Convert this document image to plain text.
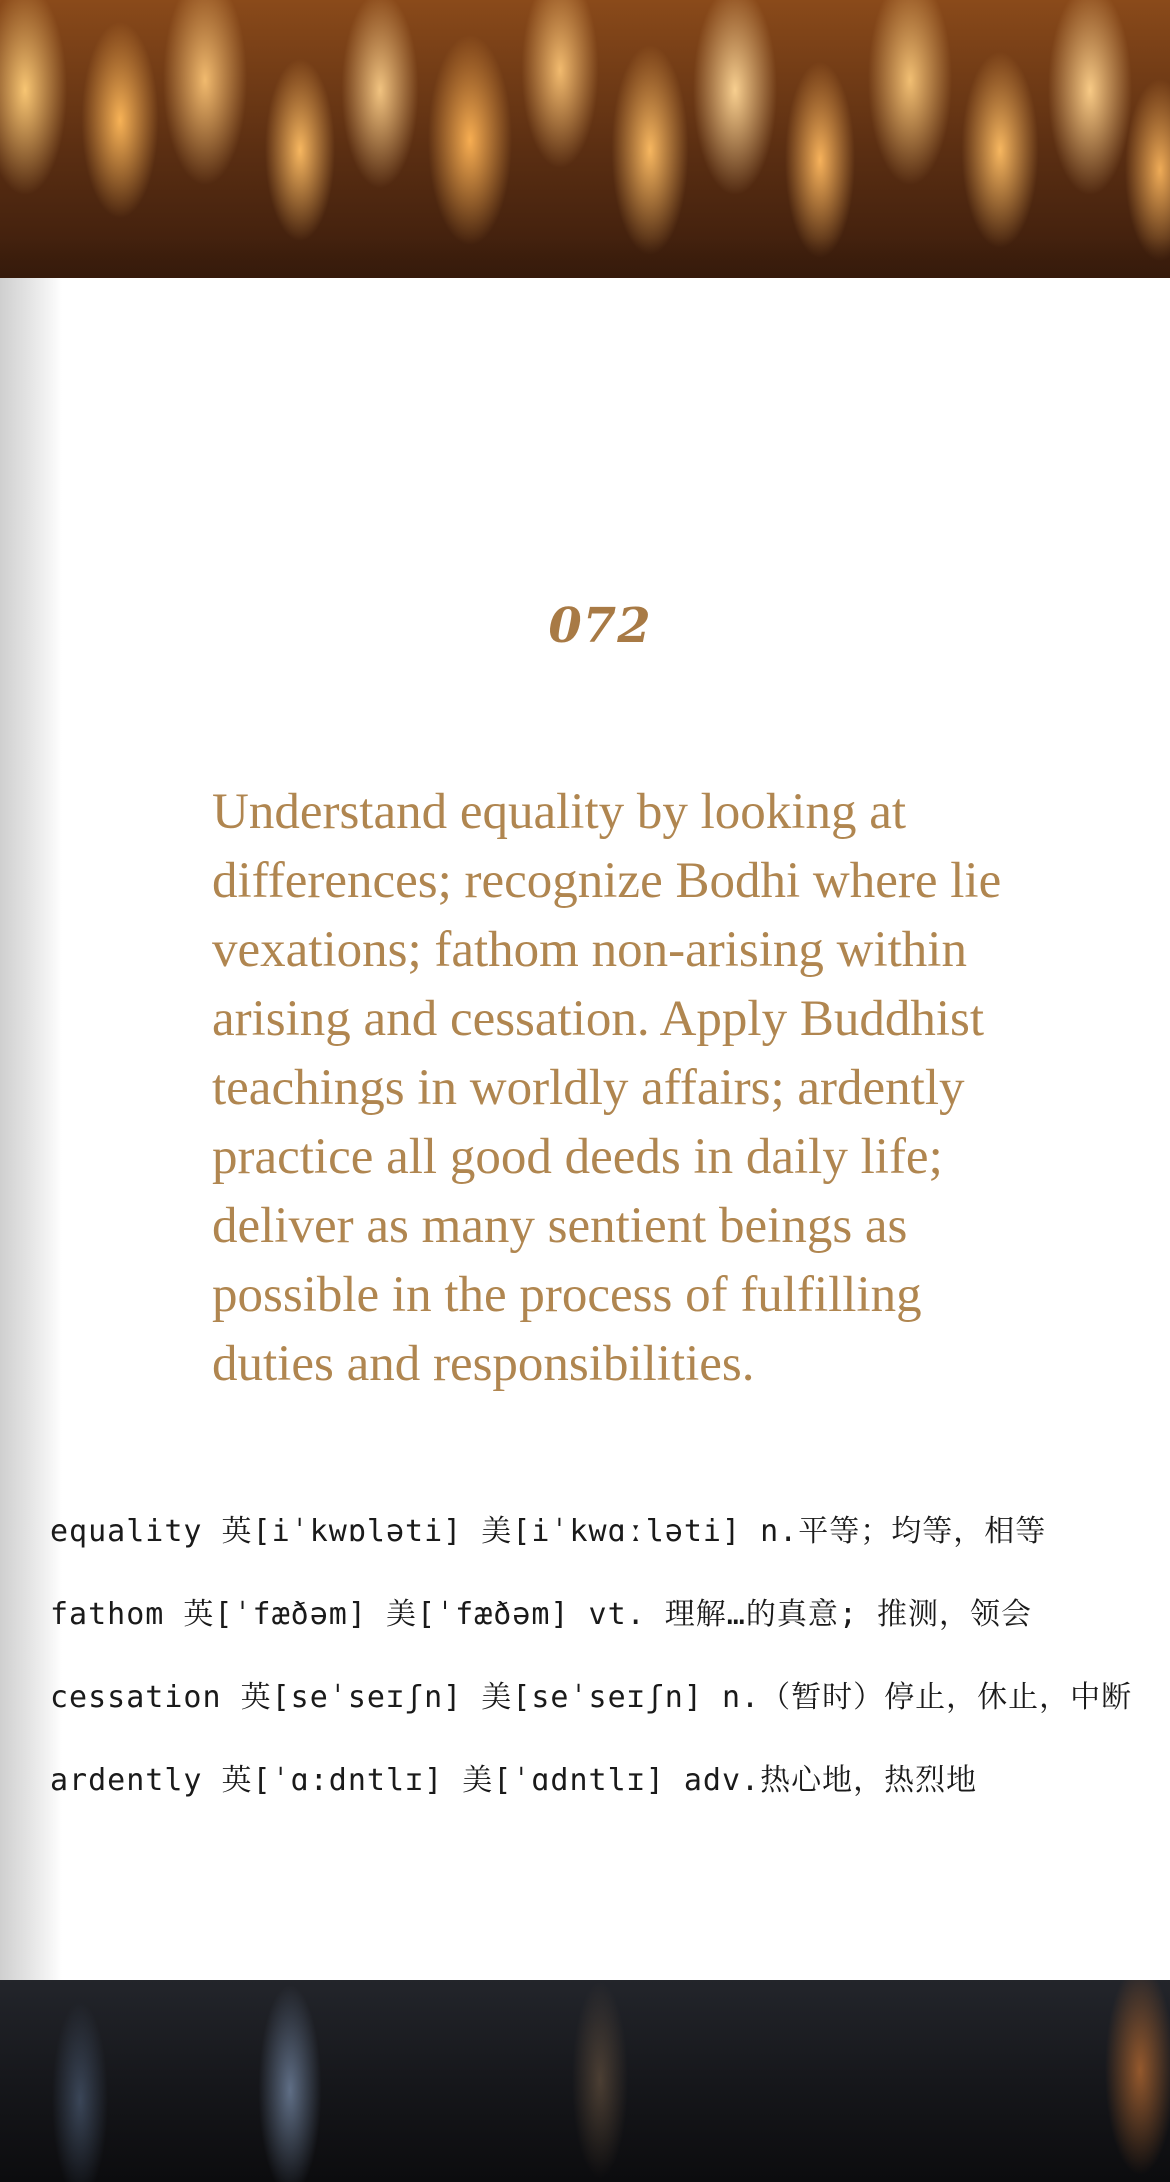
072

Understand equality by looking at differences; recognize Bodhi where lie vexations; fathom non-arising within arising and cessation. Apply Buddhist teachings in worldly affairs; ardently practice all good deeds in daily life; deliver as many sentient beings as possible in the process of fulfilling duties and responsibilities.

equality 英[iˈkwɒləti] 美[iˈkwɑːləti] n.平等；均等，相等

fathom 英[ˈfæðəm] 美[ˈfæðəm] vt. 理解…的真意; 推测，领会

cessation 英[seˈseɪʃn] 美[seˈseɪʃn] n.（暂时）停止，休止，中断

ardently 英[ˈɑ:dntlɪ] 美[ˈɑdntlɪ] adv.热心地，热烈地
